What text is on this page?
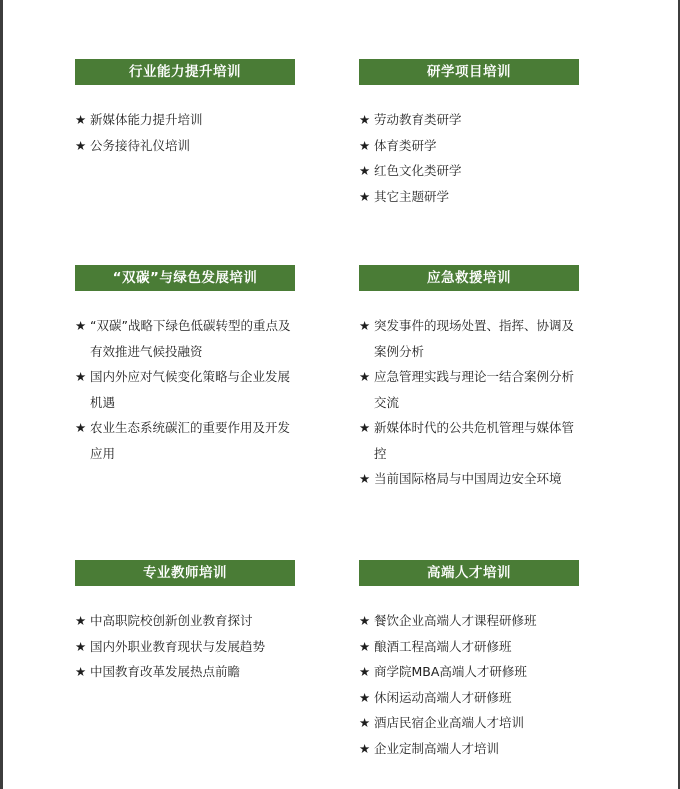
行业能力提升培训
★ 新媒体能力提升培训
★ 公务接待礼仪培训
研学项目培训
★ 劳动教育类研学
★ 体育类研学
★ 红色文化类研学
★ 其它主题研学
“双碳”与绿色发展培训
★ “双碳”战略下绿色低碳转型的重点及有效推进气候投融资
★ 国内外应对气候变化策略与企业发展机遇
★ 农业生态系统碳汇的重要作用及开发应用
应急救援培训
★ 突发事件的现场处置、指挥、协调及案例分析
★ 应急管理实践与理论一结合案例分析交流
★ 新媒体时代的公共危机管理与媒体管控
★ 当前国际格局与中国周边安全环境
专业教师培训
★ 中高职院校创新创业教育探讨
★ 国内外职业教育现状与发展趋势
★ 中国教育改革发展热点前瞻
高端人才培训
★ 餐饮企业高端人才课程研修班
★ 酿酒工程高端人才研修班
★ 商学院MBA高端人才研修班
★ 休闲运动高端人才研修班
★ 酒店民宿企业高端人才培训
★ 企业定制高端人才培训
